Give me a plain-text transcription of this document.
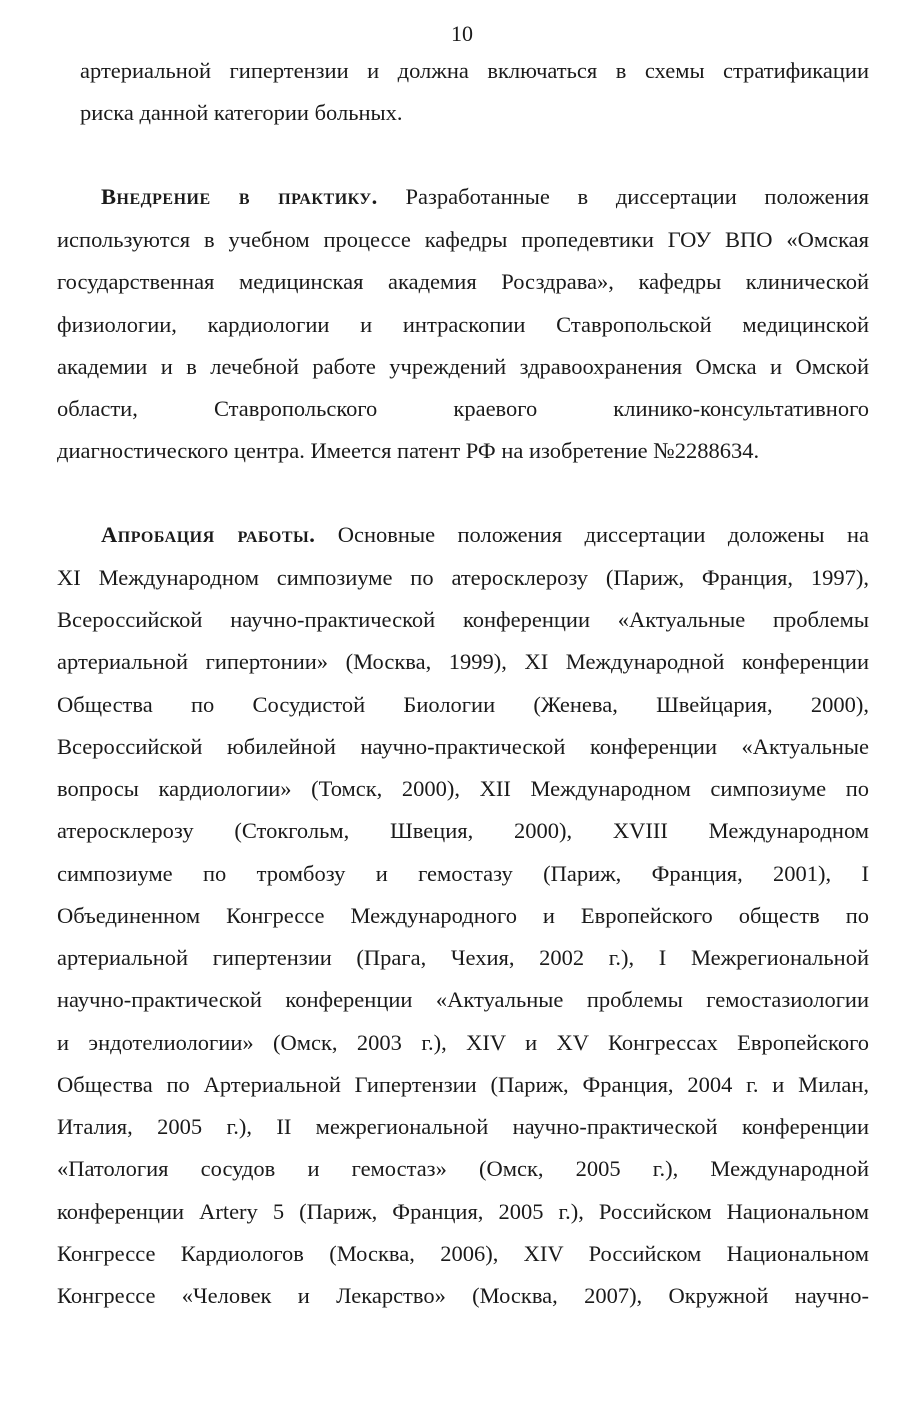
10
артериальной гипертензии и должна включаться в схемы стратификации
риска данной категории больных.
Внедрение в практику. Разработанные в диссертации положения
используются в учебном процессе кафедры пропедевтики ГОУ ВПО «Омская
государственная медицинская академия Росздрава», кафедры клинической
физиологии, кардиологии и интраскопии Ставропольской медицинской
академии и в лечебной работе учреждений здравоохранения Омска и Омской
области, Ставропольского краевого клинико-консультативного
диагностического центра. Имеется патент РФ на изобретение №2288634.
Апробация работы. Основные положения диссертации доложены на
XI Международном симпозиуме по атеросклерозу (Париж, Франция, 1997),
Всероссийской научно-практической конференции «Актуальные проблемы
артериальной гипертонии» (Москва, 1999), XI Международной конференции
Общества по Сосудистой Биологии (Женева, Швейцария, 2000),
Всероссийской юбилейной научно-практической конференции «Актуальные
вопросы кардиологии» (Томск, 2000), XII Международном симпозиуме по
атеросклерозу (Стокгольм, Швеция, 2000), XVIII Международном
симпозиуме по тромбозу и гемостазу (Париж, Франция, 2001), I
Объединенном Конгрессе Международного и Европейского обществ по
артериальной гипертензии (Прага, Чехия, 2002 г.), I Межрегиональной
научно-практической конференции «Актуальные проблемы гемостазиологии
и эндотелиологии» (Омск, 2003 г.), XIV и XV Конгрессах Европейского
Общества по Артериальной Гипертензии (Париж, Франция, 2004 г. и Милан,
Италия, 2005 г.), II межрегиональной научно-практической конференции
«Патология сосудов и гемостаз» (Омск, 2005 г.), Международной
конференции Artery 5 (Париж, Франция, 2005 г.), Российском Национальном
Конгрессе Кардиологов (Москва, 2006), XIV Российском Национальном
Конгрессе «Человек и Лекарство» (Москва, 2007), Окружной научно-
